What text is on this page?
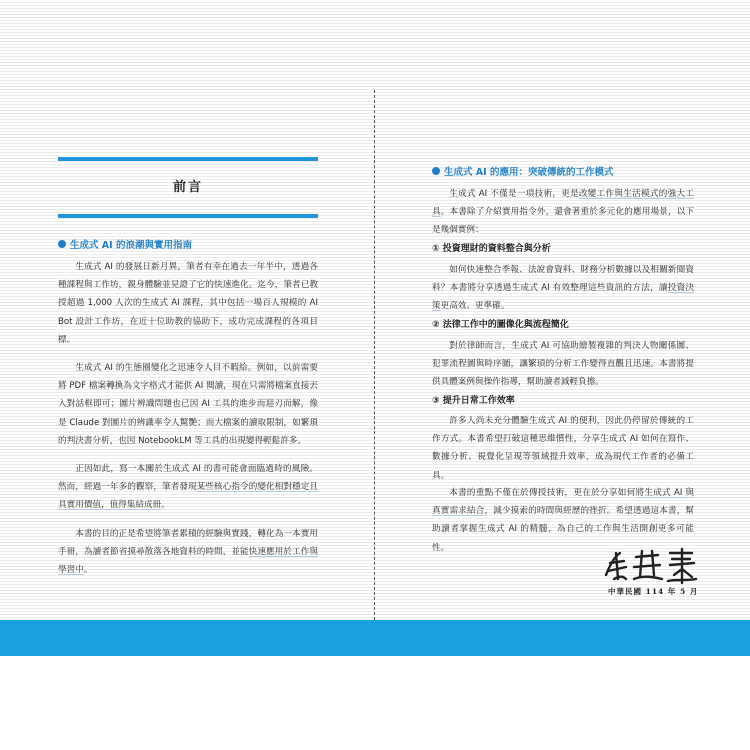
前言
生成式 AI 的浪潮與實用指南

生成式 AI 的發展日新月異，筆者有幸在過去一年半中，透過各種課程與工作坊，親身體驗並見證了它的快速進化。迄今，筆者已教授超過 1,000 人次的生成式 AI 課程，其中包括一場百人規模的 AI Bot 設計工作坊，在近十位助教的協助下，成功完成課程的各項目標。

生成式 AI 的生態圈變化之迅速令人目不暇給。例如，以前需要將 PDF 檔案轉換為文字格式才能供 AI 閱讀，現在只需將檔案直接丟入對話框即可；圖片辨識問題也已因 AI 工具的進步而迎刃而解，像是 Claude 對圖片的辨識率令人驚艷；而大檔案的讀取限制，如繁瑣的判決書分析，也因 NotebookLM 等工具的出現變得輕鬆許多。

正因如此，寫一本關於生成式 AI 的書可能會面臨過時的風險。然而，經過一年多的觀察，筆者發現某些核心指令的變化相對穩定且具實用價值，值得集結成冊。

本書的目的正是希望將筆者累積的經驗與實踐，轉化為一本實用手冊，為讀者節省摸尋散落各地資料的時間，並能快速應用於工作與學習中。

生成式 AI 的應用：突破傳統的工作模式

生成式 AI 不僅是一項技術，更是改變工作與生活模式的強大工具。本書除了介紹實用指令外，還會著重於多元化的應用場景，以下是幾個實例：

① 投資理財的資料整合與分析

如何快速整合季報、法說會資料、財務分析數據以及相關新聞資料？本書將分享透過生成式 AI 有效整理這些資訊的方法，讓投資決策更高效、更準確。

② 法律工作中的圖像化與流程簡化

對於律師而言，生成式 AI 可協助繪製複雜的判決人物關係圖、犯罪流程圖與時序圖，讓繁瑣的分析工作變得直觀且迅速。本書將提供具體案例與操作指導，幫助讀者減輕負擔。

③ 提升日常工作效率

許多人尚未充分體驗生成式 AI 的便利，因此仍停留於傳統的工作方式。本書希望打破這種思維慣性，分享生成式 AI 如何在寫作、數據分析、視覺化呈現等領域提升效率，成為現代工作者的必備工具。

本書的重點不僅在於傳授技術，更在於分享如何將生成式 AI 與真實需求結合，減少摸索的時間與經歷的挫折。希望透過這本書，幫助讀者掌握生成式 AI 的精髓，為自己的工作與生活開創更多可能性。

中華民國 114 年 5 月
